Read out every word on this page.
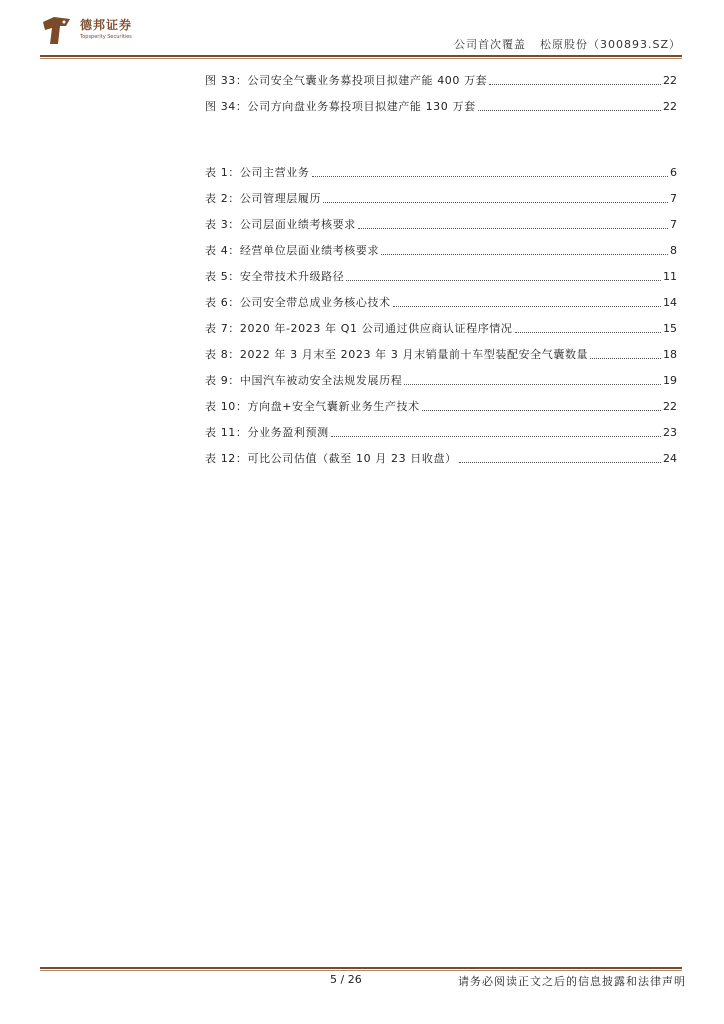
德邦证券
Topsperity Securities
公司首次覆盖 松原股份（300893.SZ）
图 33：公司安全气囊业务募投项目拟建产能 400 万套	22
图 34：公司方向盘业务募投项目拟建产能 130 万套	22
表 1：公司主营业务	6
表 2：公司管理层履历	7
表 3：公司层面业绩考核要求	7
表 4：经营单位层面业绩考核要求	8
表 5：安全带技术升级路径	11
表 6：公司安全带总成业务核心技术	14
表 7：2020 年-2023 年 Q1 公司通过供应商认证程序情况	15
表 8：2022 年 3 月末至 2023 年 3 月末销量前十车型装配安全气囊数量	18
表 9：中国汽车被动安全法规发展历程	19
表 10：方向盘+安全气囊新业务生产技术	22
表 11：分业务盈利预测	23
表 12：可比公司估值（截至 10 月 23 日收盘）	24
5 / 26	请务必阅读正文之后的信息披露和法律声明
